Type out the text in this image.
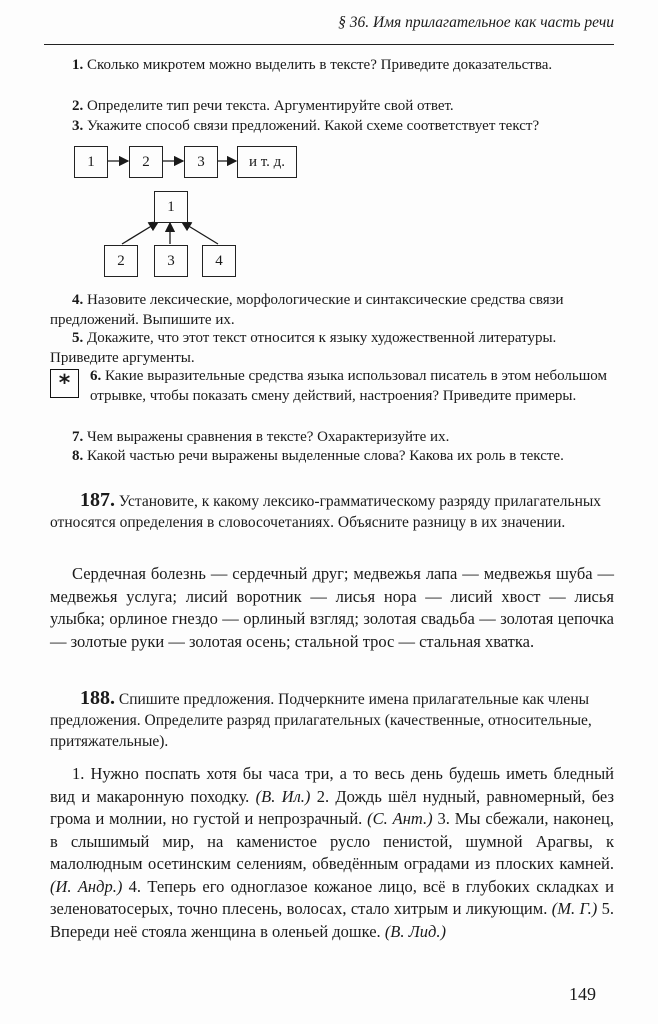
§ 36. Имя прилагательное как часть речи
1. Сколько микротем можно выделить в тексте? Приведите доказательства.
2. Определите тип речи текста. Аргументируйте свой ответ.
3. Укажите способ связи предложений. Какой схеме соответствует текст?
1	2	3	и т. д.
1
2	3	4
4. Назовите лексические, морфологические и синтаксические средства связи предложений. Выпишите их.
5. Докажите, что этот текст относится к языку художественной литературы. Приведите аргументы.
*	6. Какие выразительные средства языка использовал писатель в этом небольшом отрывке, чтобы показать смену действий, настроения? Приведите примеры.
7. Чем выражены сравнения в тексте? Охарактеризуйте их.
8. Какой частью речи выражены выделенные слова? Какова их роль в тексте.
187. Установите, к какому лексико-грамматическому разряду прилагательных относятся определения в словосочетаниях. Объясните разницу в их значении.
Сердечная болезнь — сердечный друг; медвежья лапа — медвежья шуба — медвежья услуга; лисий воротник — лисья нора — лисий хвост — лисья улыбка; орлиное гнездо — орлиный взгляд; золотая свадьба — золотая цепочка — золотые руки — золотая осень; стальной трос — стальная хватка.
188. Спишите предложения. Подчеркните имена прилагательные как члены предложения. Определите разряд прилагательных (качественные, относительные, притяжательные).
1. Нужно поспать хотя бы часа три, а то весь день будешь иметь бледный вид и макаронную походку. (В. Ил.) 2. Дождь шёл нудный, равномерный, без грома и молнии, но густой и непрозрачный. (С. Ант.) 3. Мы сбежали, наконец, в слышимый мир, на каменистое русло пенистой, шумной Арагвы, к малолюдным осетинским селениям, обведённым оградами из плоских камней. (И. Андр.) 4. Теперь его одноглазое кожаное лицо, всё в глубоких складках и зеленоватосерых, точно плесень, волосах, стало хитрым и ликующим. (М. Г.) 5. Впереди неё стояла женщина в оленьей дошке. (В. Лид.)
149
